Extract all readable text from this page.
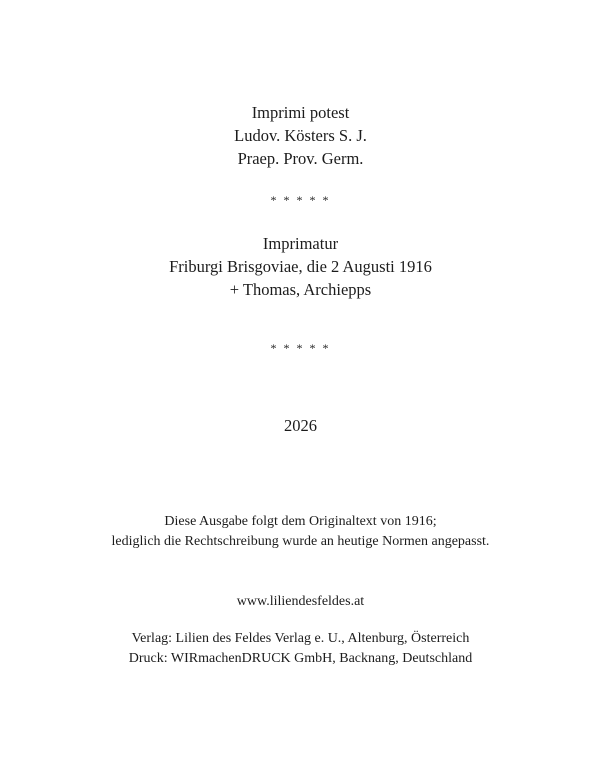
Imprimi potest
Ludov. Kösters S. J.
Praep. Prov. Germ.
* * * * *
Imprimatur
Friburgi Brisgoviae, die 2 Augusti 1916
+ Thomas, Archiepps
* * * * *
2026
Diese Ausgabe folgt dem Originaltext von 1916;
lediglich die Rechtschreibung wurde an heutige Normen angepasst.
www.liliendesfeldes.at
Verlag: Lilien des Feldes Verlag e. U., Altenburg, Österreich
Druck: WIRmachenDRUCK GmbH, Backnang, Deutschland
